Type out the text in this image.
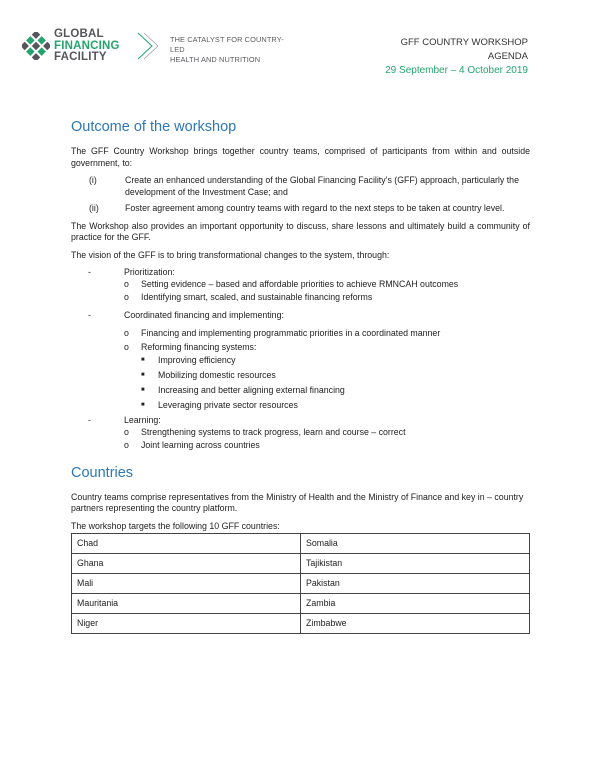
GLOBAL
FINANCING
FACILITY
THE CATALYST FOR COUNTRY-LED
HEALTH AND NUTRITION
GFF COUNTRY WORKSHOP
AGENDA
29 September – 4 October 2019
Outcome of the workshop

The GFF Country Workshop brings together country teams, comprised of participants from within and outside government, to:

(i)	Create an enhanced understanding of the Global Financing Facility’s (GFF) approach, particularly the development of the Investment Case; and
(ii)	Foster agreement among country teams with regard to the next steps to be taken at country level.

The Workshop also provides an important opportunity to discuss, share lessons and ultimately build a community of practice for the GFF.

The vision of the GFF is to bring transformational changes to the system, through:

-	Prioritization:
o	Setting evidence – based and affordable priorities to achieve RMNCAH outcomes
o	Identifying smart, scaled, and sustainable financing reforms
-	Coordinated financing and implementing:
o	Financing and implementing programmatic priorities in a coordinated manner
o	Reforming financing systems:
■	Improving efficiency
■	Mobilizing domestic resources
■	Increasing and better aligning external financing
■	Leveraging private sector resources
-	Learning:
o	Strengthening systems to track progress, learn and course – correct
o	Joint learning across countries
Countries

Country teams comprise representatives from the Ministry of Health and the Ministry of Finance and key in – country partners representing the country platform.

The workshop targets the following 10 GFF countries:

Chad	Somalia
Ghana	Tajikistan
Mali	Pakistan
Mauritania	Zambia
Niger	Zimbabwe
